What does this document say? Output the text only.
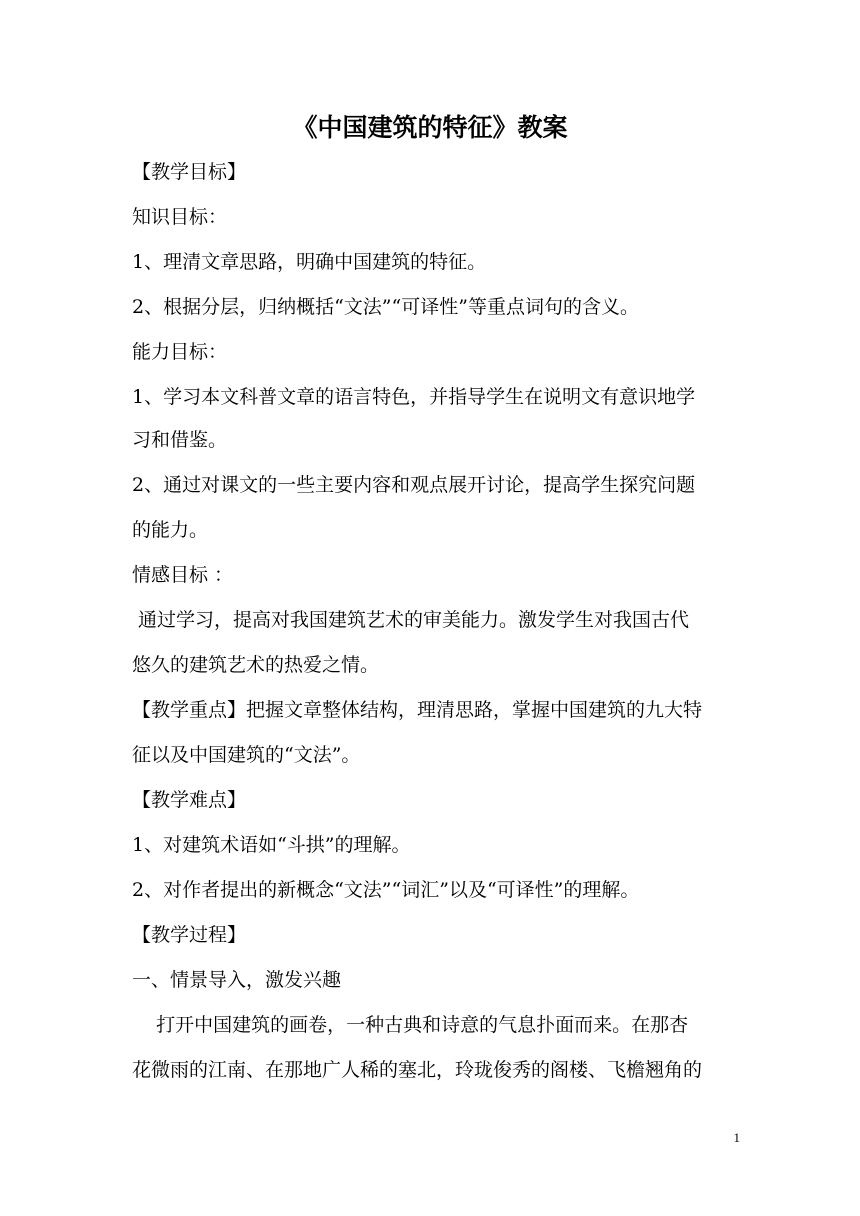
《中国建筑的特征》教案
【教学目标】
知识目标：
1、理清文章思路，明确中国建筑的特征。
2、根据分层，归纳概括“文法”“可译性”等重点词句的含义。
能力目标：
1、学习本文科普文章的语言特色，并指导学生在说明文有意识地学
习和借鉴。
2、通过对课文的一些主要内容和观点展开讨论，提高学生探究问题
的能力。
情感目标 ：
通过学习，提高对我国建筑艺术的审美能力。激发学生对我国古代
悠久的建筑艺术的热爱之情。
【教学重点】把握文章整体结构，理清思路，掌握中国建筑的九大特
征以及中国建筑的“文法”。
【教学难点】
1、对建筑术语如“斗拱”的理解。
2、对作者提出的新概念“文法”“词汇”以及“可译性”的理解。
【教学过程】
一、情景导入，激发兴趣
打开中国建筑的画卷，一种古典和诗意的气息扑面而来。在那杏
花微雨的江南、在那地广人稀的塞北，玲珑俊秀的阁楼、飞檐翘角的
1
